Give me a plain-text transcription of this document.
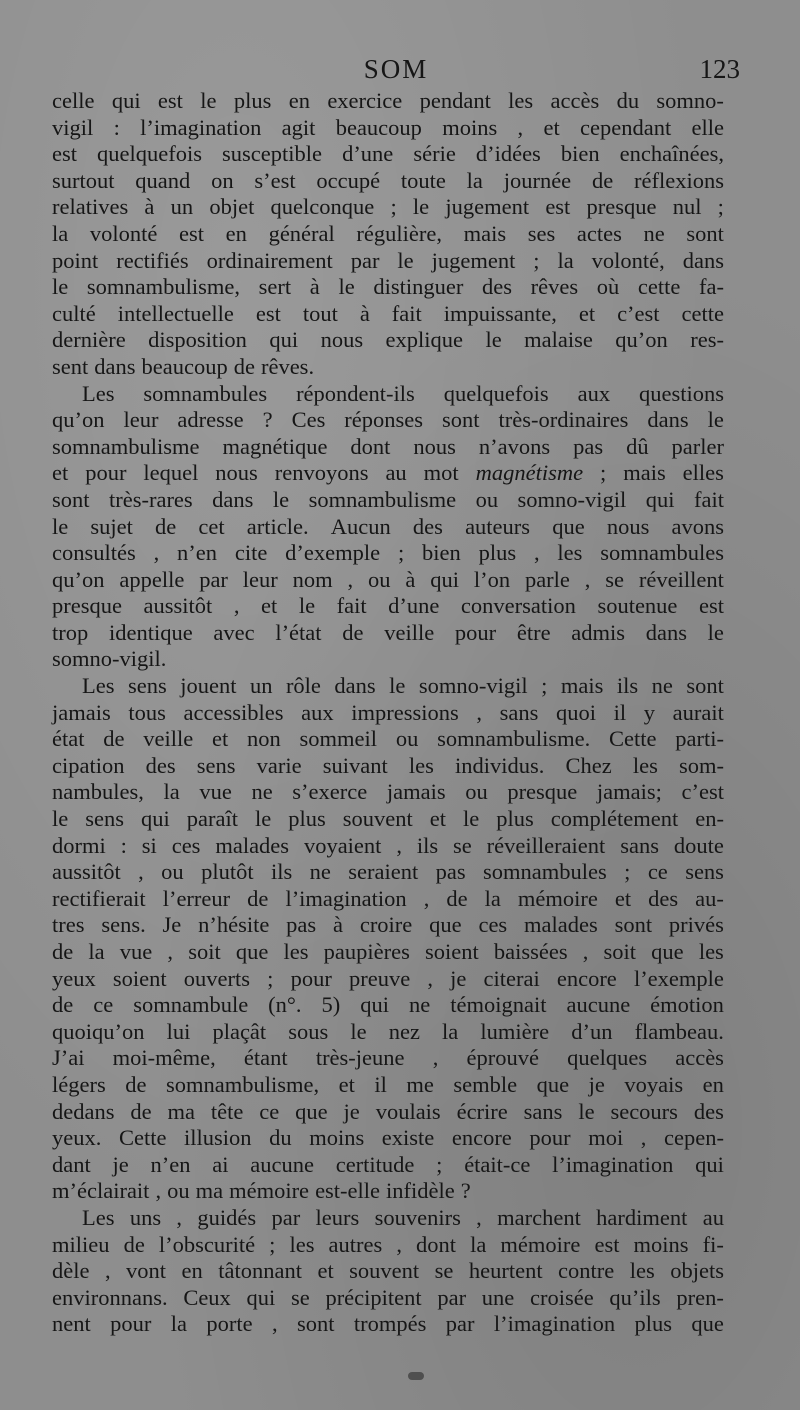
SOM	123
celle qui est le plus en exercice pendant les accès du somno-
vigil : l’imagination agit beaucoup moins , et cependant elle
est quelquefois susceptible d’une série d’idées bien enchaînées,
surtout quand on s’est occupé toute la journée de réflexions
relatives à un objet quelconque ; le jugement est presque nul ;
la volonté est en général régulière, mais ses actes ne sont
point rectifiés ordinairement par le jugement ; la volonté, dans
le somnambulisme, sert à le distinguer des rêves où cette fa-
culté intellectuelle est tout à fait impuissante, et c’est cette
dernière disposition qui nous explique le malaise qu’on res-
sent dans beaucoup de rêves.
Les somnambules répondent-ils quelquefois aux questions
qu’on leur adresse ? Ces réponses sont très-ordinaires dans le
somnambulisme magnétique dont nous n’avons pas dû parler
et pour lequel nous renvoyons au mot magnétisme ; mais elles
sont très-rares dans le somnambulisme ou somno-vigil qui fait
le sujet de cet article. Aucun des auteurs que nous avons
consultés , n’en cite d’exemple ; bien plus , les somnambules
qu’on appelle par leur nom , ou à qui l’on parle , se réveillent
presque aussitôt , et le fait d’une conversation soutenue est
trop identique avec l’état de veille pour être admis dans le
somno-vigil.
Les sens jouent un rôle dans le somno-vigil ; mais ils ne sont
jamais tous accessibles aux impressions , sans quoi il y aurait
état de veille et non sommeil ou somnambulisme. Cette parti-
cipation des sens varie suivant les individus. Chez les som-
nambules, la vue ne s’exerce jamais ou presque jamais; c’est
le sens qui paraît le plus souvent et le plus complétement en-
dormi : si ces malades voyaient , ils se réveilleraient sans doute
aussitôt , ou plutôt ils ne seraient pas somnambules ; ce sens
rectifierait l’erreur de l’imagination , de la mémoire et des au-
tres sens. Je n’hésite pas à croire que ces malades sont privés
de la vue , soit que les paupières soient baissées , soit que les
yeux soient ouverts ; pour preuve , je citerai encore l’exemple
de ce somnambule (n°. 5) qui ne témoignait aucune émotion
quoiqu’on lui plaçât sous le nez la lumière d’un flambeau.
J’ai moi-même, étant très-jeune , éprouvé quelques accès
légers de somnambulisme, et il me semble que je voyais en
dedans de ma tête ce que je voulais écrire sans le secours des
yeux. Cette illusion du moins existe encore pour moi , cepen-
dant je n’en ai aucune certitude ; était-ce l’imagination qui
m’éclairait , ou ma mémoire est-elle infidèle ?
Les uns , guidés par leurs souvenirs , marchent hardiment au
milieu de l’obscurité ; les autres , dont la mémoire est moins fi-
dèle , vont en tâtonnant et souvent se heurtent contre les objets
environnans. Ceux qui se précipitent par une croisée qu’ils pren-
nent pour la porte , sont trompés par l’imagination plus que
